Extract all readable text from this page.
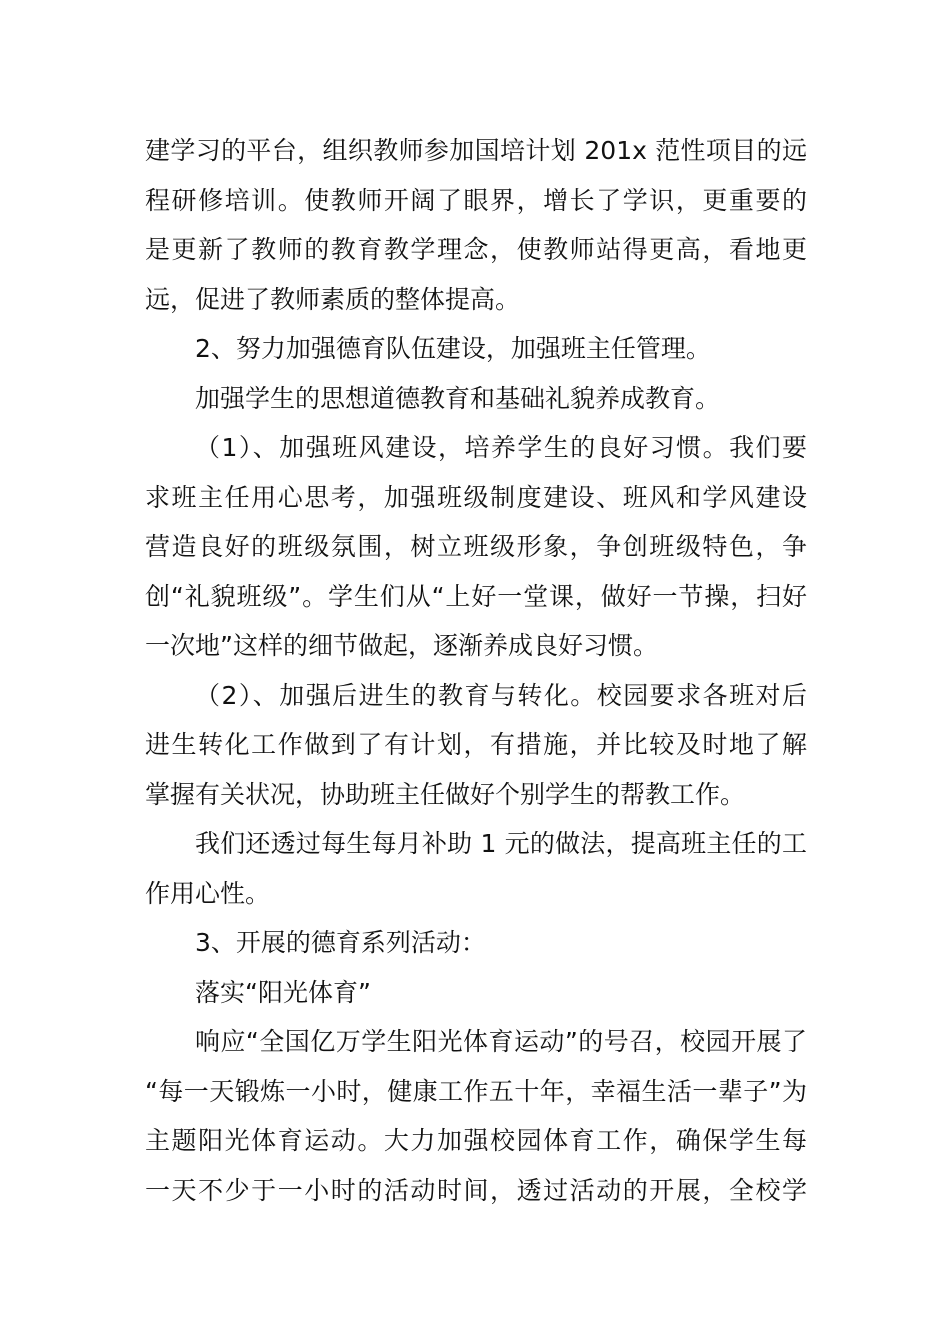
建学习的平台，组织教师参加国培计划 201x 范性项目的远
程研修培训。使教师开阔了眼界，增长了学识，更重要的
是更新了教师的教育教学理念，使教师站得更高，看地更
远，促进了教师素质的整体提高。
2、努力加强德育队伍建设，加强班主任管理。
加强学生的思想道德教育和基础礼貌养成教育。
（1）、加强班风建设，培养学生的良好习惯。我们要
求班主任用心思考，加强班级制度建设、班风和学风建设
营造良好的班级氛围，树立班级形象，争创班级特色，争
创“礼貌班级”。学生们从“上好一堂课，做好一节操，扫好
一次地”这样的细节做起，逐渐养成良好习惯。
（2）、加强后进生的教育与转化。校园要求各班对后
进生转化工作做到了有计划，有措施，并比较及时地了解
掌握有关状况，协助班主任做好个别学生的帮教工作。
我们还透过每生每月补助 1 元的做法，提高班主任的工
作用心性。
3、开展的德育系列活动：
落实“阳光体育”
响应“全国亿万学生阳光体育运动”的号召，校园开展了
“每一天锻炼一小时，健康工作五十年，幸福生活一辈子”为
主题阳光体育运动。大力加强校园体育工作，确保学生每
一天不少于一小时的活动时间，透过活动的开展，全校学
